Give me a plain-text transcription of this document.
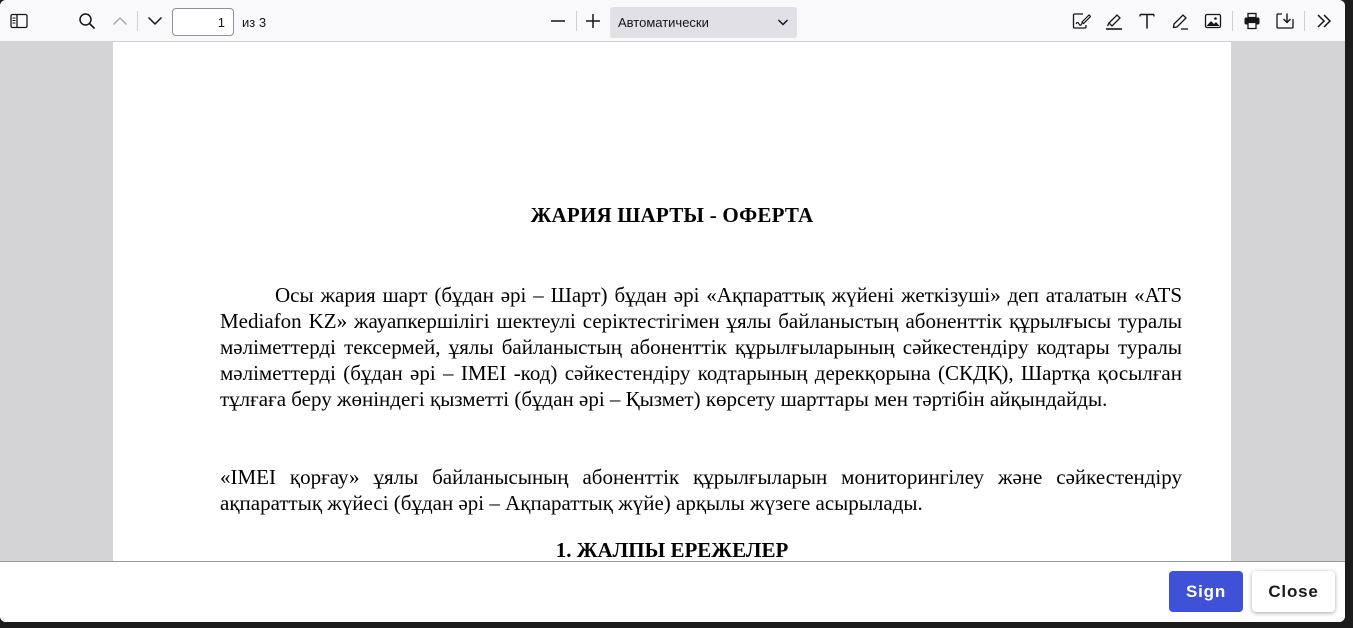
1
из 3	Автоматически
ЖАРИЯ ШАРТЫ - ОФЕРТА
Осы жария шарт (бұдан әрі – Шарт) бұдан әрі «Ақпараттық жүйені жеткізуші» деп аталатын «ATS Mediafon KZ» жауапкершілігі шектеулі серіктестігімен ұялы байланыстың абоненттік құрылғысы туралы мәліметтерді тексермей, ұялы байланыстың абоненттік құрылғыларының сәйкестендіру кодтары туралы мәліметтерді (бұдан әрі – IMEI -код) сәйкестендіру кодтарының дерекқорына (СКДҚ), Шартқа қосылған тұлғаға беру жөніндегі қызметті (бұдан әрі – Қызмет) көрсету шарттары мен тәртібін айқындайды.
«IMEI қорғау» ұялы байланысының абоненттік құрылғыларын мониторингілеу және сәйкестендіру ақпараттық жүйесі (бұдан әрі – Ақпараттық жүйе) арқылы жүзеге асырылады.
1. ЖАЛПЫ ЕРЕЖЕЛЕР
Sign	Close
